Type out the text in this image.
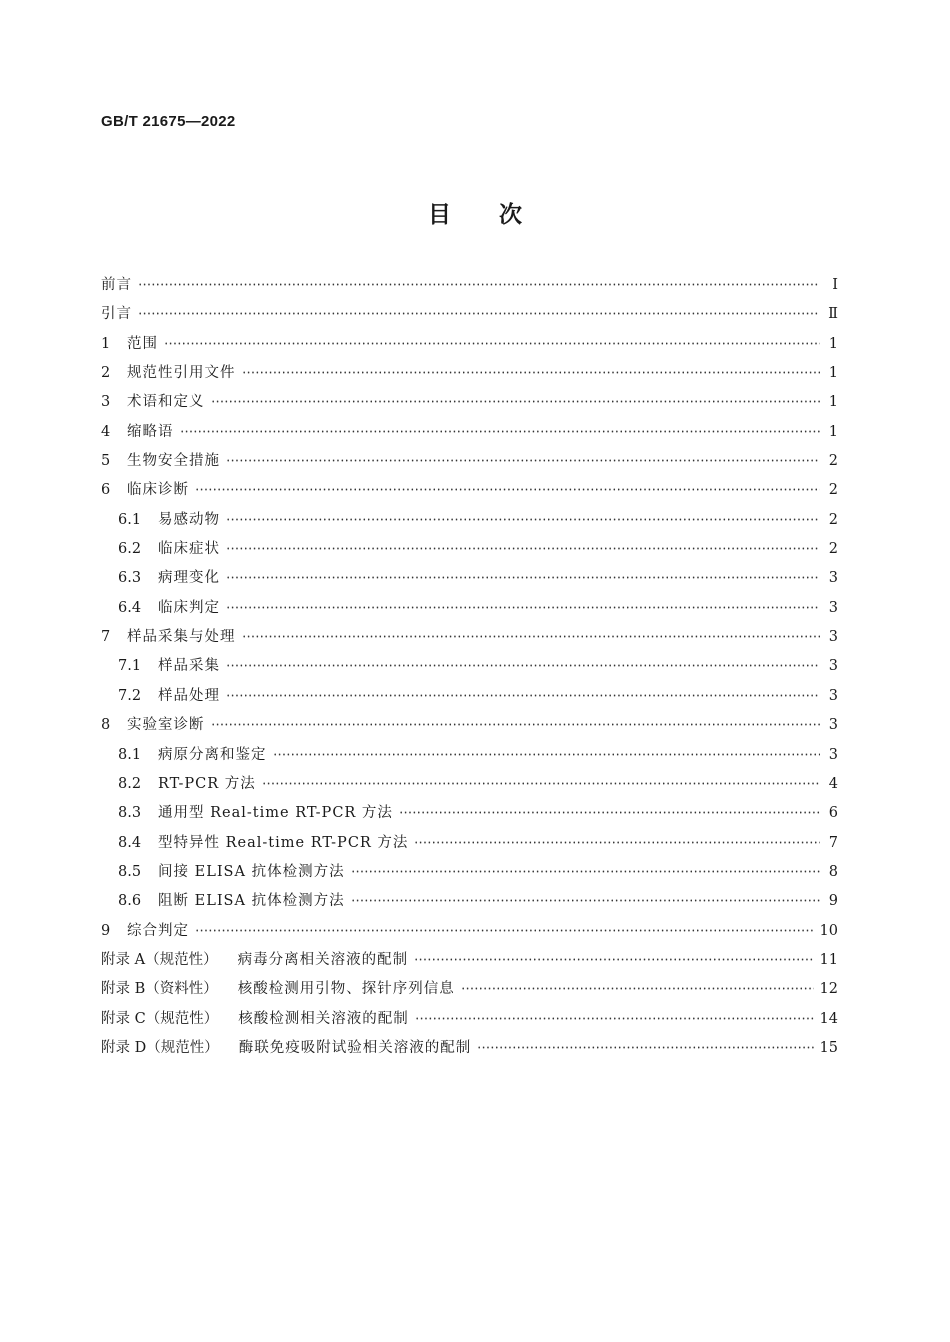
GB/T 21675—2022
目次
前言	Ⅰ
引言	Ⅱ
1	范围	1
2	规范性引用文件	1
3	术语和定义	1
4	缩略语	1
5	生物安全措施	2
6	临床诊断	2
6.1	易感动物	2
6.2	临床症状	2
6.3	病理变化	3
6.4	临床判定	3
7	样品采集与处理	3
7.1	样品采集	3
7.2	样品处理	3
8	实验室诊断	3
8.1	病原分离和鉴定	3
8.2	RT-PCR 方法	4
8.3	通用型 Real-time RT-PCR 方法	6
8.4	型特异性 Real-time RT-PCR 方法	7
8.5	间接 ELISA 抗体检测方法	8
8.6	阻断 ELISA 抗体检测方法	9
9	综合判定	10
附录 A（规范性） 病毒分离相关溶液的配制	11
附录 B（资料性） 核酸检测用引物、探针序列信息	12
附录 C（规范性） 核酸检测相关溶液的配制	14
附录 D（规范性） 酶联免疫吸附试验相关溶液的配制	15
